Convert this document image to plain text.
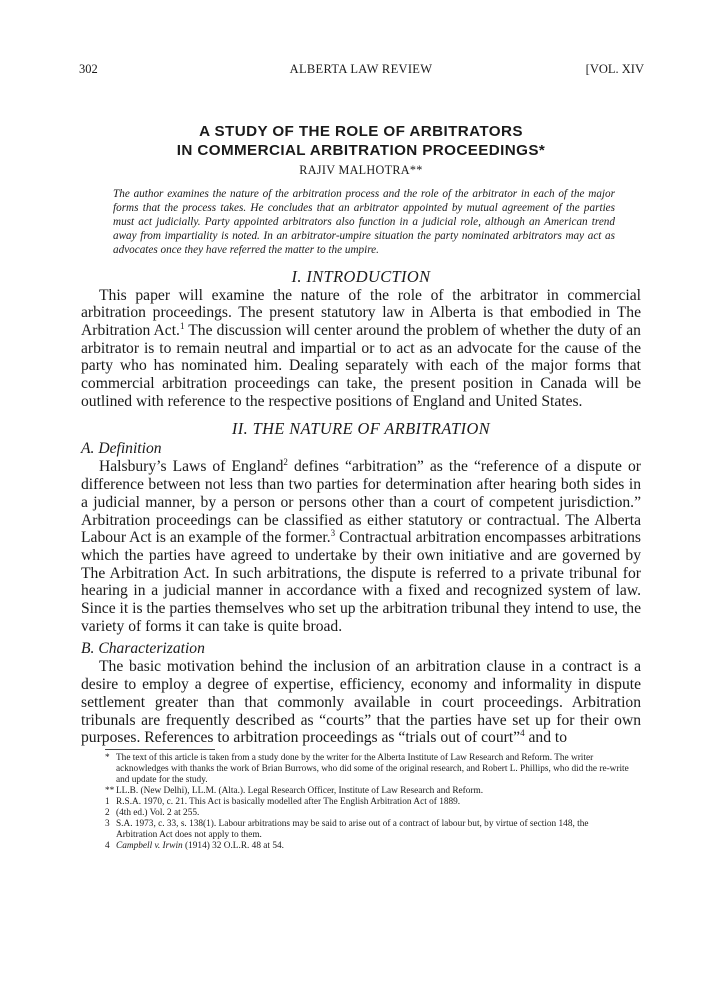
302	ALBERTA LAW REVIEW	[VOL. XIV
A STUDY OF THE ROLE OF ARBITRATORS
IN COMMERCIAL ARBITRATION PROCEEDINGS*
RAJIV MALHOTRA**

The author examines the nature of the arbitration process and the role of the arbitrator in each of the major forms that the process takes. He concludes that an arbitrator appointed by mutual agreement of the parties must act judicially. Party appointed arbitrators also function in a judicial role, although an American trend away from impartiality is noted. In an arbitrator-umpire situation the party nominated arbitrators may act as advocates once they have referred the matter to the umpire.

I. INTRODUCTION

This paper will examine the nature of the role of the arbitrator in commercial arbitration proceedings. The present statutory law in Alberta is that embodied in The Arbitration Act.$^1$ The discussion will center around the problem of whether the duty of an arbitrator is to remain neutral and impartial or to act as an advocate for the cause of the party who has nominated him. Dealing separately with each of the major forms that commercial arbitration proceedings can take, the present position in Canada will be outlined with reference to the respective positions of England and United States.

II. THE NATURE OF ARBITRATION
A. Definition

Halsbury’s Laws of England$^2$ defines “arbitration” as the “reference of a dispute or difference between not less than two parties for determination after hearing both sides in a judicial manner, by a person or persons other than a court of competent jurisdiction.” Arbitration proceedings can be classified as either statutory or contractual. The Alberta Labour Act is an example of the former.$^3$ Contractual arbitration encompasses arbitrations which the parties have agreed to undertake by their own initiative and are governed by The Arbitration Act. In such arbitrations, the dispute is referred to a private tribunal for hearing in a judicial manner in accordance with a fixed and recognized system of law. Since it is the parties themselves who set up the arbitration tribunal they intend to use, the variety of forms it can take is quite broad.

B. Characterization

The basic motivation behind the inclusion of an arbitration clause in a contract is a desire to employ a degree of expertise, efficiency, economy and informality in dispute settlement greater than that commonly available in court proceedings. Arbitration tribunals are frequently described as “courts” that the parties have set up for their own purposes. References to arbitration proceedings as “trials out of court”$^4$ and to

* The text of this article is taken from a study done by the writer for the Alberta Institute of Law Research and Reform. The writer acknowledges with thanks the work of Brian Burrows, who did some of the original research, and Robert L. Phillips, who did the re-write and update for the study.
** LL.B. (New Delhi), LL.M. (Alta.). Legal Research Officer, Institute of Law Research and Reform.
1 R.S.A. 1970, c. 21. This Act is basically modelled after The English Arbitration Act of 1889.
2 (4th ed.) Vol. 2 at 255.
3 S.A. 1973, c. 33, s. 138(1). Labour arbitrations may be said to arise out of a contract of labour but, by virtue of section 148, the Arbitration Act does not apply to them.
4 Campbell v. Irwin (1914) 32 O.L.R. 48 at 54.
